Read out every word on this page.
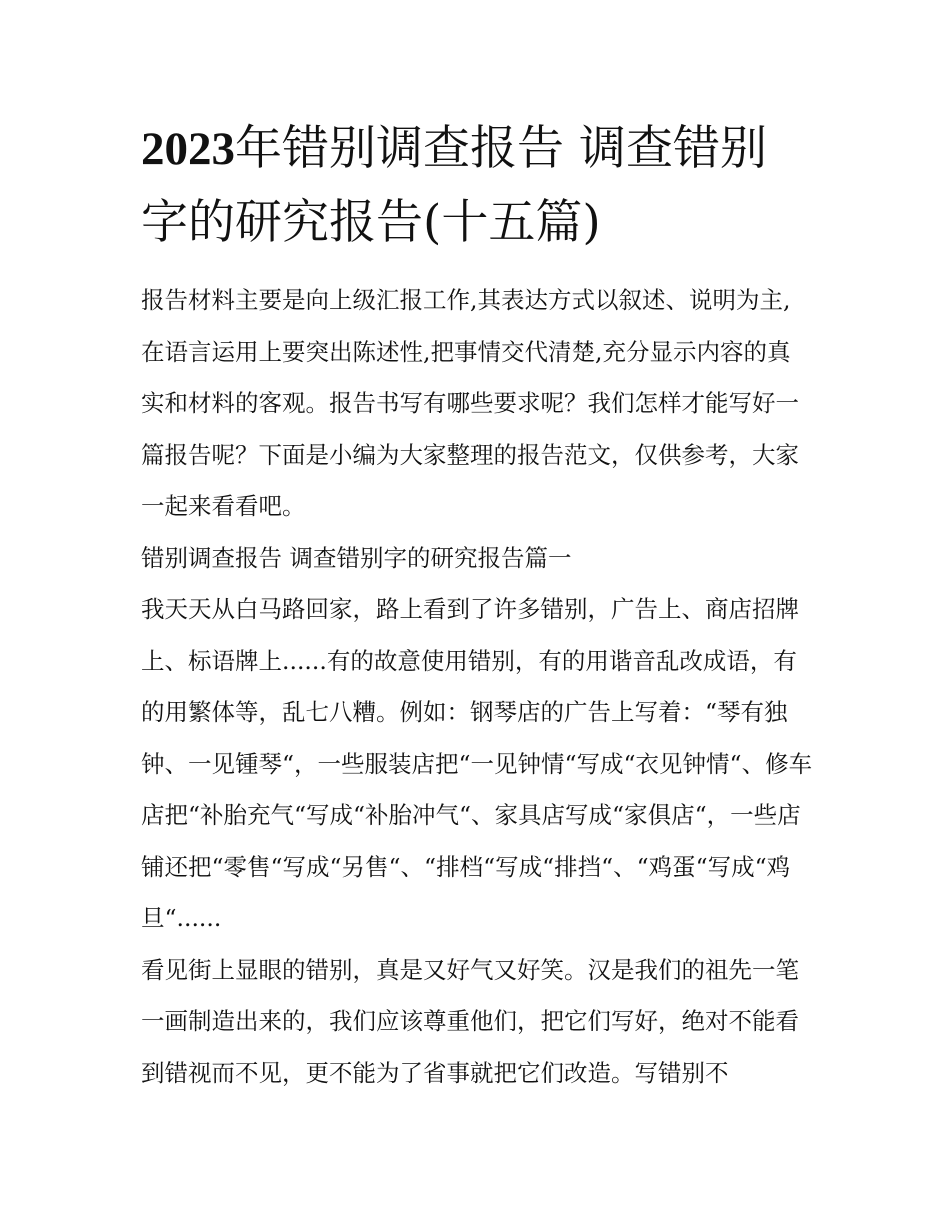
2023年错别调查报告 调查错别字的研究报告(十五篇)

报告材料主要是向上级汇报工作,其表达方式以叙述、说明为主,在语言运用上要突出陈述性,把事情交代清楚,充分显示内容的真实和材料的客观。报告书写有哪些要求呢？我们怎样才能写好一篇报告呢？下面是小编为大家整理的报告范文，仅供参考，大家一起来看看吧。

错别调查报告 调查错别字的研究报告篇一

我天天从白马路回家，路上看到了许多错别，广告上、商店招牌上、标语牌上......有的故意使用错别，有的用谐音乱改成语，有的用繁体等，乱七八糟。例如：钢琴店的广告上写着：“琴有独钟、一见锺琴“，一些服装店把“一见钟情“写成“衣见钟情“、修车店把“补胎充气“写成“补胎冲气“、家具店写成“家俱店“，一些店铺还把“零售“写成“另售“、“排档“写成“排挡“、“鸡蛋“写成“鸡旦“......

看见街上显眼的错别，真是又好气又好笑。汉是我们的祖先一笔一画制造出来的，我们应该尊重他们，把它们写好，绝对不能看到错视而不见，更不能为了省事就把它们改造。写错别不
